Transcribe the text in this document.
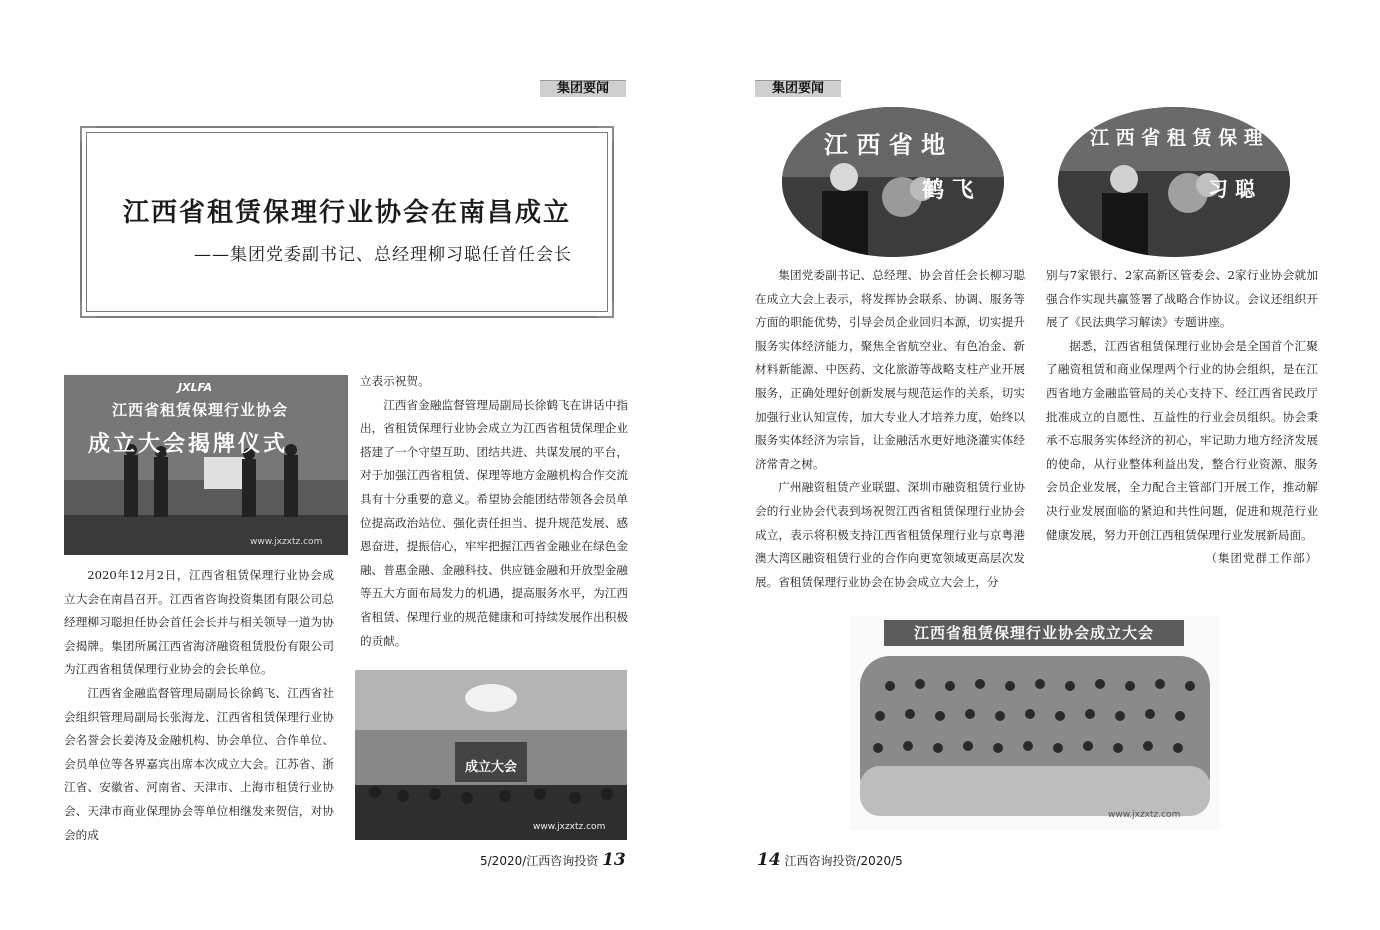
集团要闻
江西省租赁保理行业协会在南昌成立
——集团党委副书记、总经理柳习聪任首任会长
JXLFA
江西省租赁保理行业协会
成立大会揭牌仪式
www.jxzxtz.com

2020年12月2日，江西省租赁保理行业协会成立大会在南昌召开。江西省咨询投资集团有限公司总经理柳习聪担任协会首任会长并与相关领导一道为协会揭牌。集团所属江西省海济融资租赁股份有限公司为江西省租赁保理行业协会的会长单位。

江西省金融监督管理局副局长徐鹤飞、江西省社会组织管理局副局长张海龙、江西省租赁保理行业协会名誉会长姜涛及金融机构、协会单位、合作单位、会员单位等各界嘉宾出席本次成立大会。江苏省、浙江省、安徽省、河南省、天津市、上海市租赁行业协会、天津市商业保理协会等单位相继发来贺信，对协会的成

立表示祝贺。

江西省金融监督管理局副局长徐鹤飞在讲话中指出，省租赁保理行业协会成立为江西省租赁保理企业搭建了一个守望互助、团结共进、共谋发展的平台，对于加强江西省租赁、保理等地方金融机构合作交流具有十分重要的意义。希望协会能团结带领各会员单位提高政治站位、强化责任担当、提升规范发展、感恩奋进，提振信心，牢牢把握江西省金融业在绿色金融、普惠金融、金融科技、供应链金融和开放型金融等五大方面布局发力的机遇，提高服务水平，为江西省租赁、保理行业的规范健康和可持续发展作出积极的贡献。

成立大会
www.jxzxtz.com
5/2020/江西咨询投资 13
集团要闻
江 西 省 地
鹤 飞
江 西 省 租 赁 保 理
习 聪

集团党委副书记、总经理、协会首任会长柳习聪在成立大会上表示，将发挥协会联系、协调、服务等方面的职能优势，引导会员企业回归本源，切实提升服务实体经济能力，聚焦全省航空业、有色冶金、新材料新能源、中医药、文化旅游等战略支柱产业开展服务，正确处理好创新发展与规范运作的关系，切实加强行业认知宣传，加大专业人才培养力度，始终以服务实体经济为宗旨，让金融活水更好地浇灌实体经济常青之树。

广州融资租赁产业联盟、深圳市融资租赁行业协会的行业协会代表到场祝贺江西省租赁保理行业协会成立，表示将积极支持江西省租赁保理行业与京粤港澳大湾区融资租赁行业的合作向更宽领域更高层次发展。省租赁保理行业协会在协会成立大会上，分

别与7家银行、2家高新区管委会、2家行业协会就加强合作实现共赢签署了战略合作协议。会议还组织开展了《民法典学习解读》专题讲座。

据悉，江西省租赁保理行业协会是全国首个汇聚了融资租赁和商业保理两个行业的协会组织，是在江西省地方金融监管局的关心支持下、经江西省民政厅批准成立的自愿性、互益性的行业会员组织。协会秉承不忘服务实体经济的初心，牢记助力地方经济发展的使命，从行业整体利益出发，整合行业资源、服务会员企业发展，全力配合主管部门开展工作，推动解决行业发展面临的紧迫和共性问题，促进和规范行业健康发展，努力开创江西租赁保理行业发展新局面。

（集团党群工作部）
江西省租赁保理行业协会成立大会
www.jxzxtz.com
14 江西咨询投资/2020/5
